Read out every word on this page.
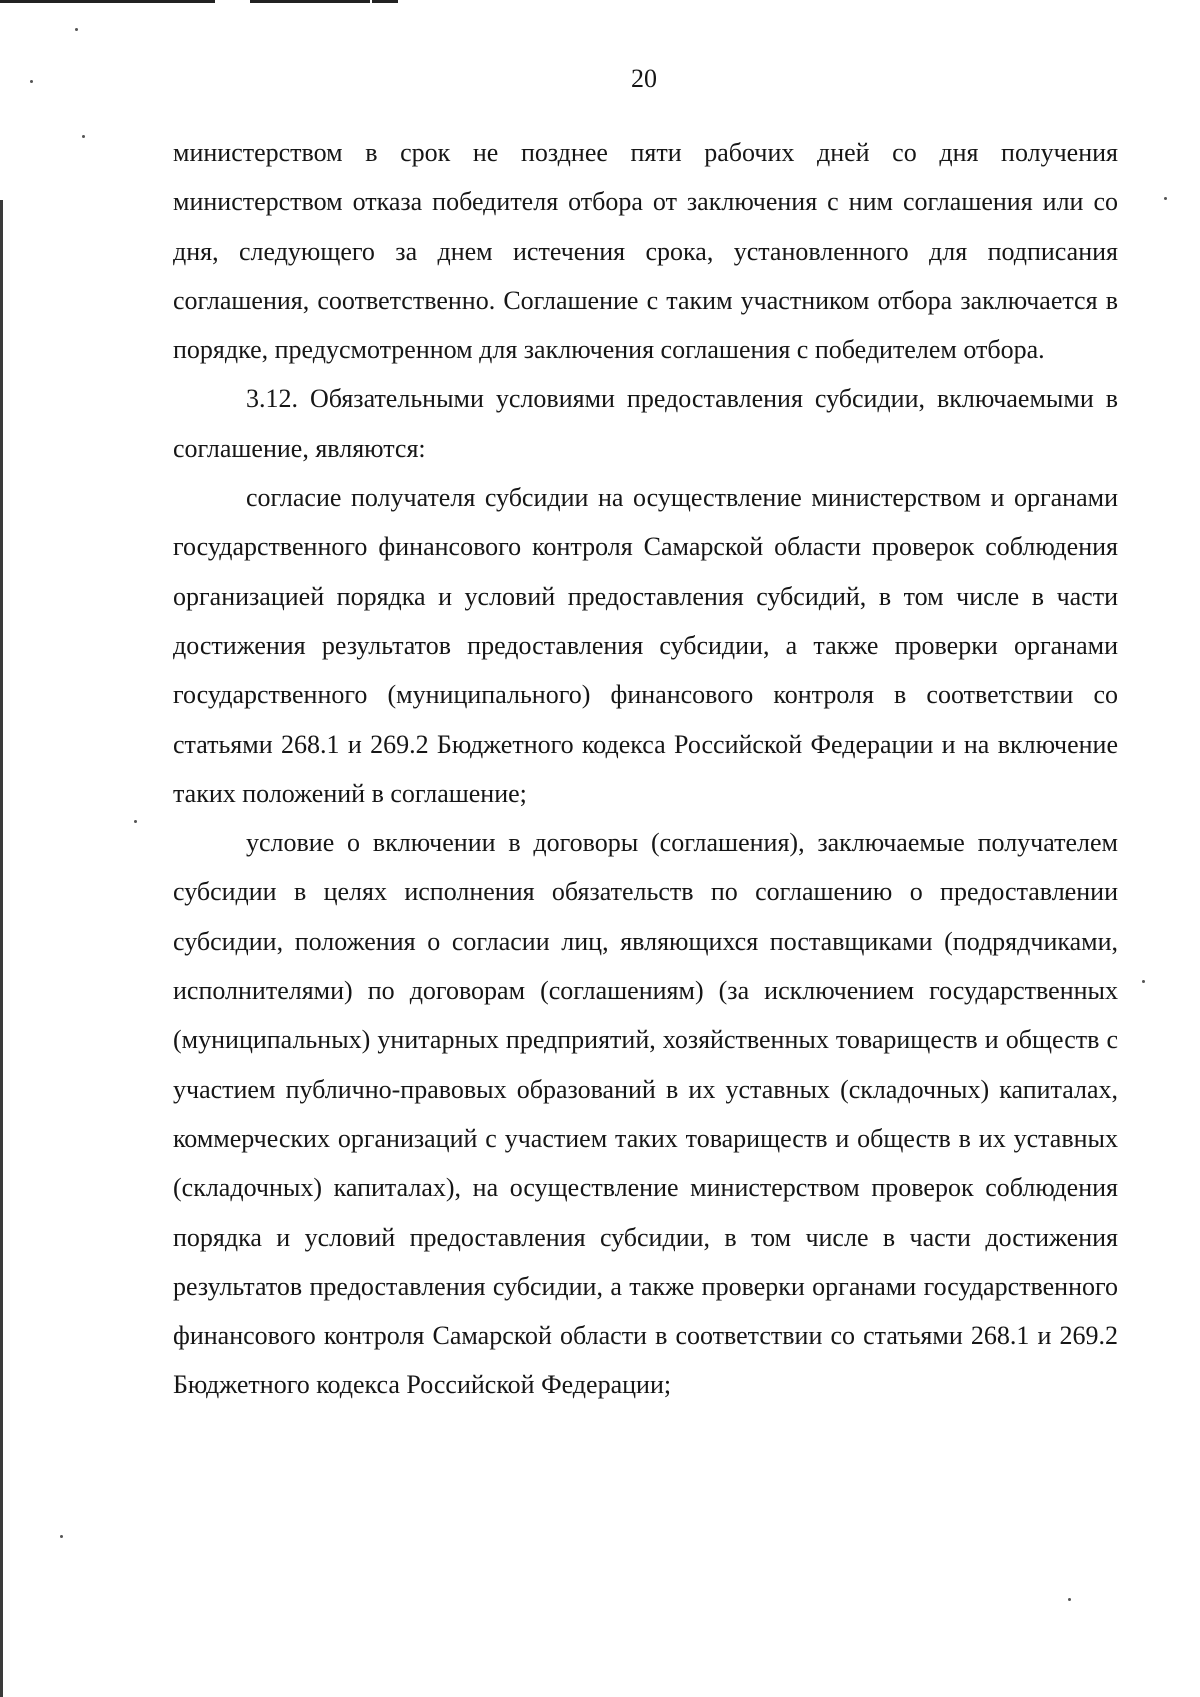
20

министерством в срок не позднее пяти рабочих дней со дня получения министерством отказа победителя отбора от заключения с ним соглашения или со дня, следующего за днем истечения срока, установленного для подписания соглашения, соответственно. Соглашение с таким участником отбора заключается в порядке, предусмотренном для заключения соглашения с победителем отбора.

3.12. Обязательными условиями предоставления субсидии, включаемыми в соглашение, являются:

согласие получателя субсидии на осуществление министерством и органами государственного финансового контроля Самарской области проверок соблюдения организацией порядка и условий предоставления субсидий, в том числе в части достижения результатов предоставления субсидии, а также проверки органами государственного (муниципального) финансового контроля в соответствии со статьями 268.1 и 269.2 Бюджетного кодекса Российской Федерации и на включение таких положений в соглашение;

условие о включении в договоры (соглашения), заключаемые получателем субсидии в целях исполнения обязательств по соглашению о предоставлении субсидии, положения о согласии лиц, являющихся поставщиками (подрядчиками, исполнителями) по договорам (соглашениям) (за исключением государственных (муниципальных) унитарных предприятий, хозяйственных товариществ и обществ с участием публично-правовых образований в их уставных (складочных) капиталах, коммерческих организаций с участием таких товариществ и обществ в их уставных (складочных) капиталах), на осуществление министерством проверок соблюдения порядка и условий предоставления субсидии, в том числе в части достижения результатов предоставления субсидии, а также проверки органами государственного финансового контроля Самарской области в соответствии со статьями 268.1 и 269.2 Бюджетного кодекса Российской Федерации;
